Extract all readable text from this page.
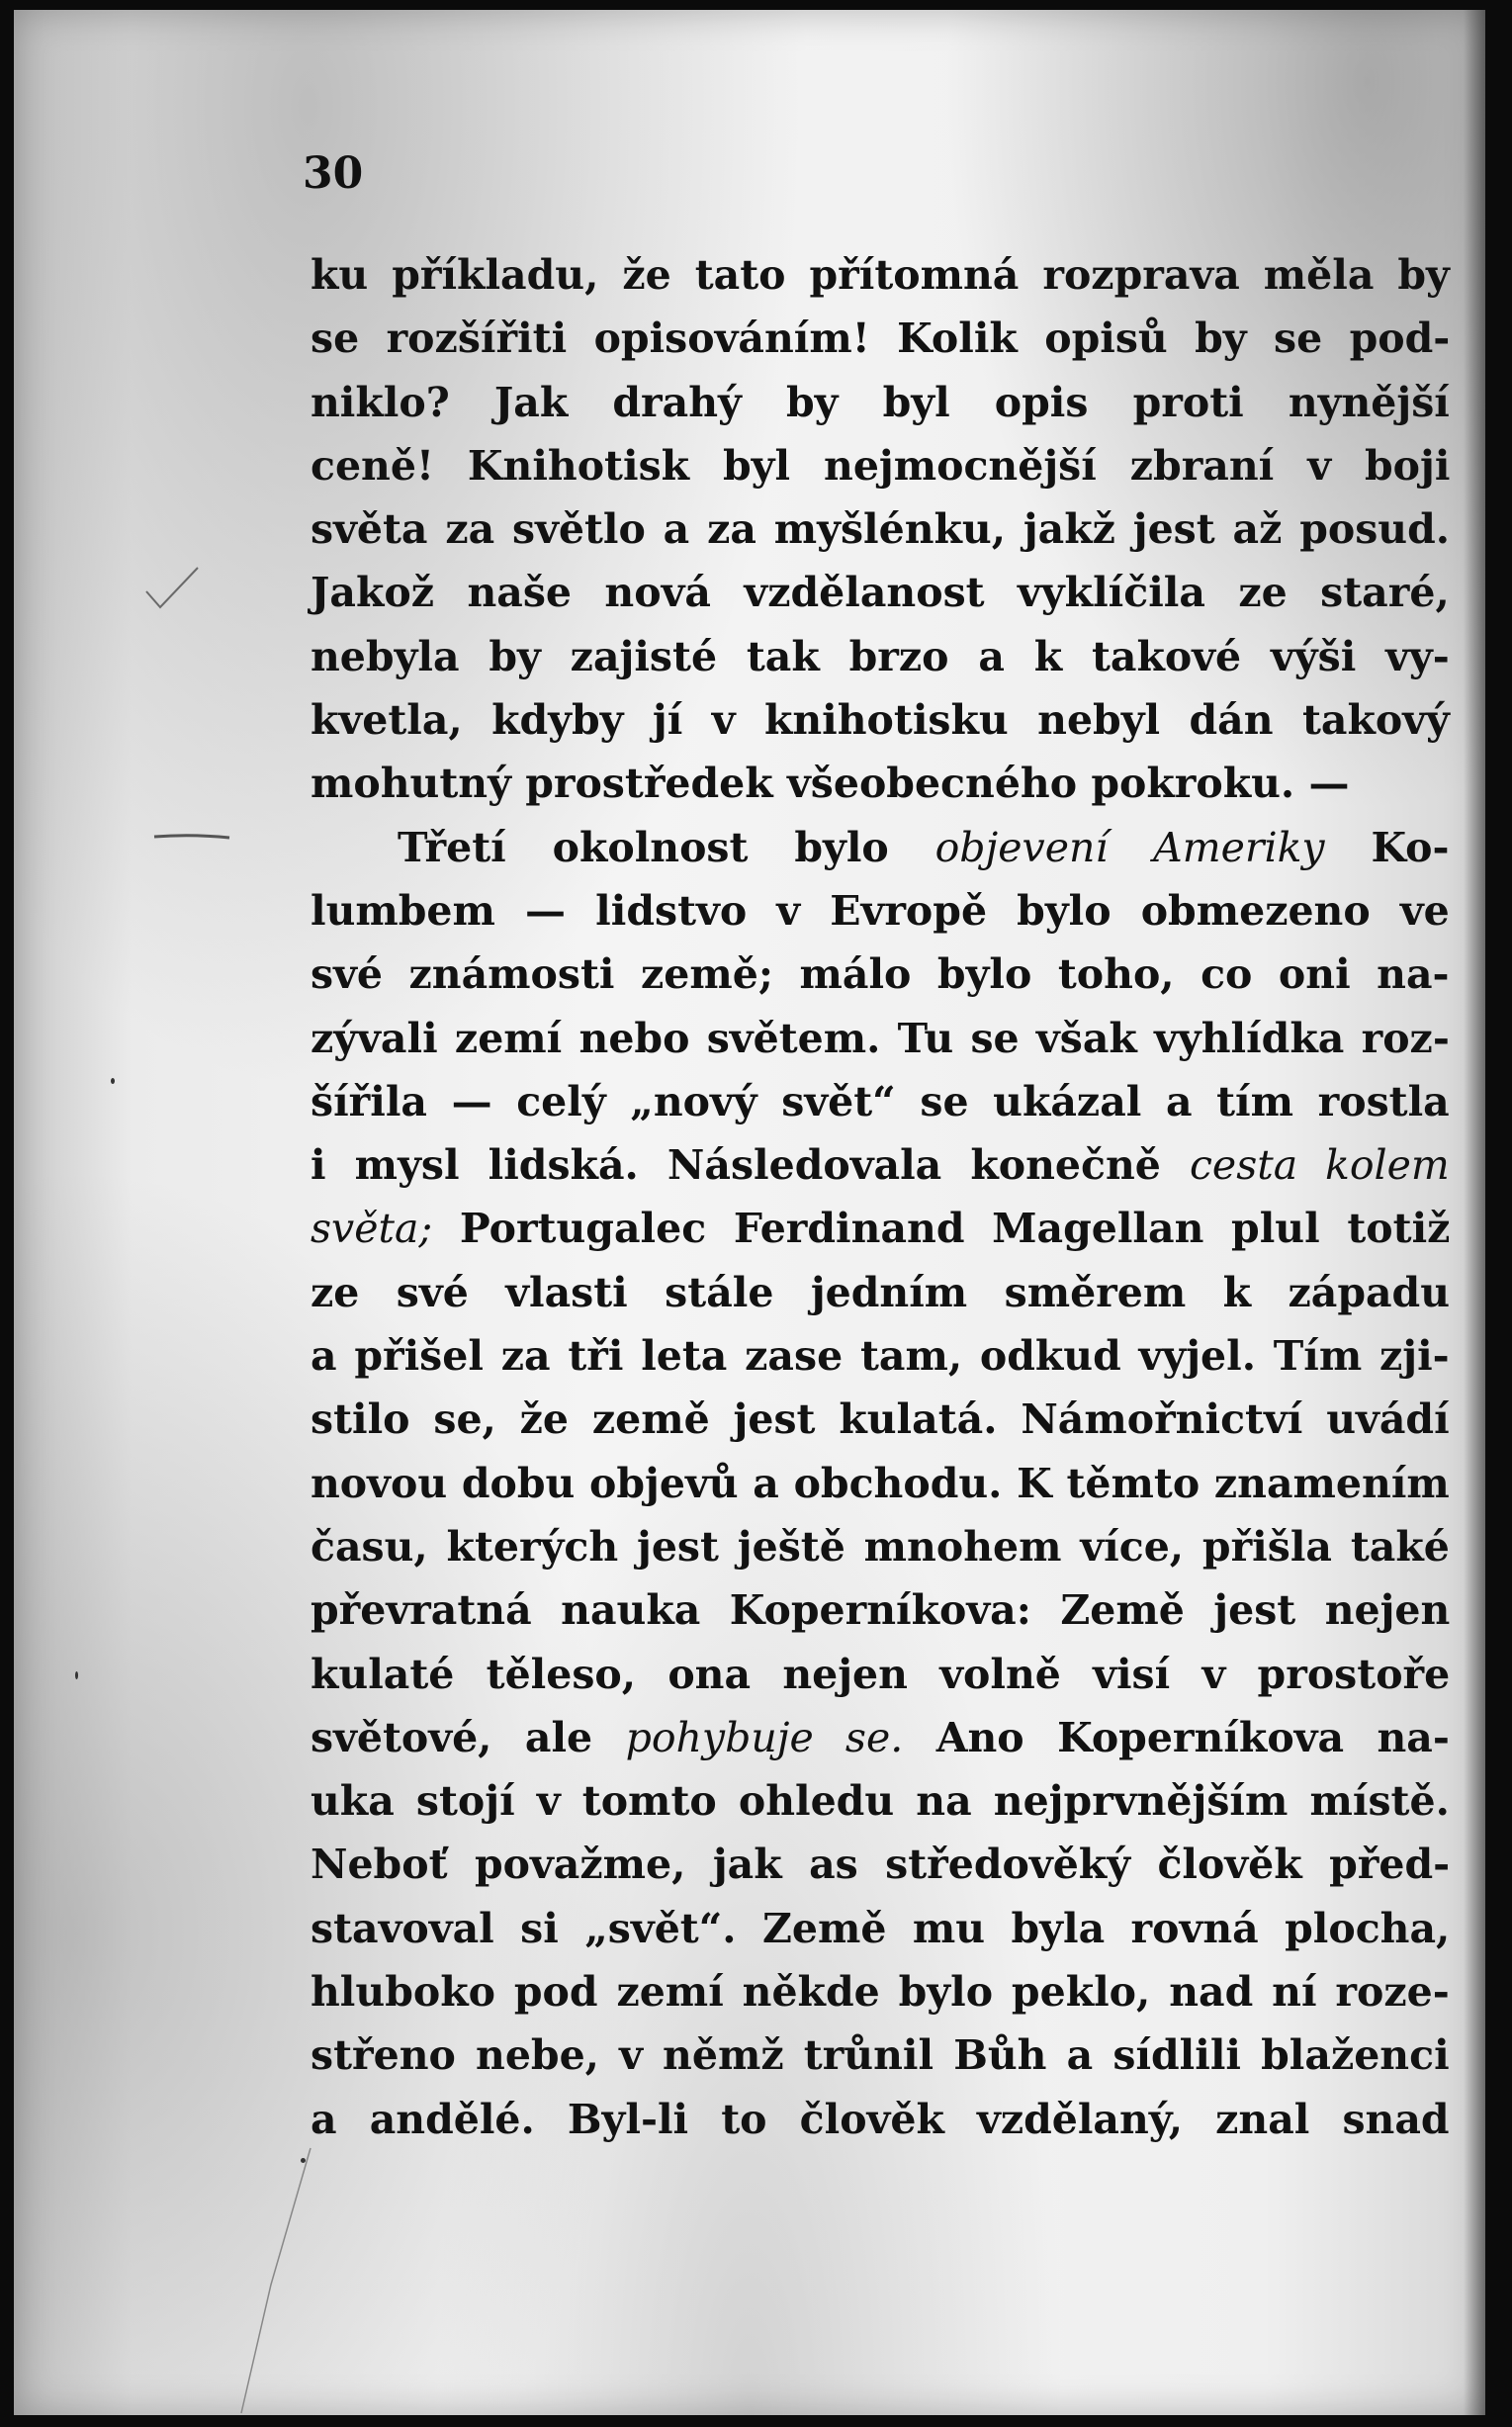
30

ku příkladu, že tato přítomná rozprava měla by
se rozšířiti opisováním! Kolik opisů by se pod-
niklo? Jak drahý by byl opis proti nynější
ceně! Knihotisk byl nejmocnější zbraní v boji
světa za světlo a za myšlénku, jakž jest až posud.
Jakož naše nová vzdělanost vyklíčila ze staré,
nebyla by zajisté tak brzo a k takové výši vy-
kvetla, kdyby jí v knihotisku nebyl dán takový
mohutný prostředek všeobecného pokroku. —
Třetí okolnost bylo objevení Ameriky Ko-
lumbem — lidstvo v Evropě bylo obmezeno ve
své známosti země; málo bylo toho, co oni na-
zývali zemí nebo světem. Tu se však vyhlídka roz-
šířila — celý „nový svět“ se ukázal a tím rostla
i mysl lidská. Následovala konečně cesta kolem
světa; Portugalec Ferdinand Magellan plul totiž
ze své vlasti stále jedním směrem k západu
a přišel za tři leta zase tam, odkud vyjel. Tím zji-
stilo se, že země jest kulatá. Námořnictví uvádí
novou dobu objevů a obchodu. K těmto znamením
času, kterých jest ještě mnohem více, přišla také
převratná nauka Koperníkova: Země jest nejen
kulaté těleso, ona nejen volně visí v prostoře
světové, ale pohybuje se. Ano Koperníkova na-
uka stojí v tomto ohledu na nejprvnějším místě.
Neboť považme, jak as středověký člověk před-
stavoval si „svět“. Země mu byla rovná plocha,
hluboko pod zemí někde bylo peklo, nad ní roze-
střeno nebe, v němž trůnil Bůh a sídlili blaženci
a andělé. Byl-li to člověk vzdělaný, znal snad
